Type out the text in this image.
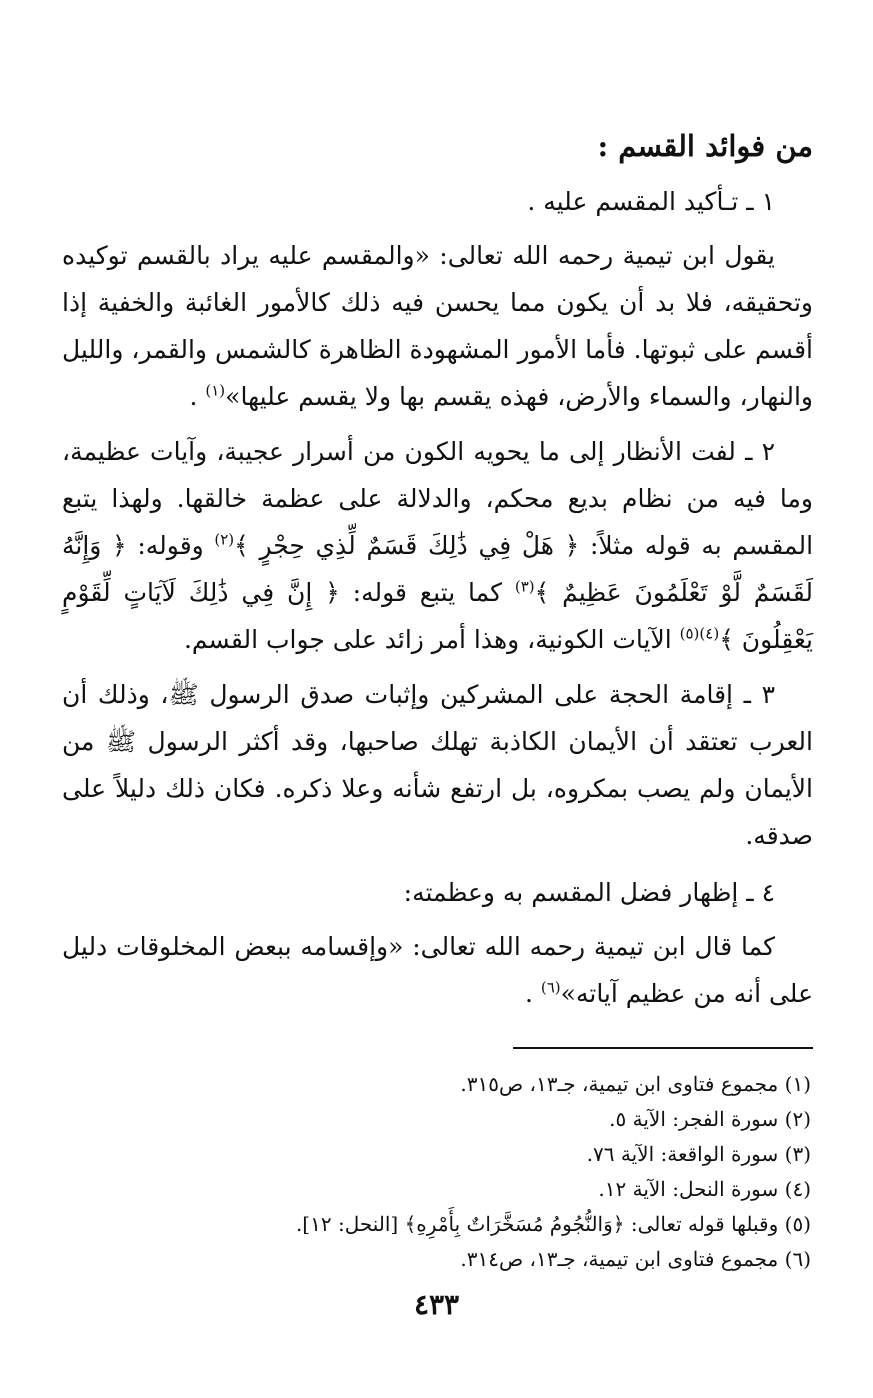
من فوائد القسم :
١ ـ تـأكيد المقسم عليه .

يقول ابن تيمية رحمه الله تعالى: «والمقسم عليه يراد بالقسم توكيده وتحقيقه، فلا بد أن يكون مما يحسن فيه ذلك كالأمور الغائبة والخفية إذا أقسم على ثبوتها. فأما الأمور المشهودة الظاهرة كالشمس والقمر، والليل والنهار، والسماء والأرض، فهذه يقسم بها ولا يقسم عليها»$^{(١)}$ .

٢ ـ لفت الأنظار إلى ما يحويه الكون من أسرار عجيبة، وآيات عظيمة، وما فيه من نظام بديع محكم، والدلالة على عظمة خالقها. ولهذا يتبع المقسم به قوله مثلاً: ﴿ هَلْ فِي ذَٰلِكَ قَسَمٌ لِّذِي حِجْرٍ ﴾$^{(٢)}$ وقوله: ﴿ وَإِنَّهُ لَقَسَمٌ لَّوْ تَعْلَمُونَ عَظِيمٌ ﴾$^{(٣)}$ كما يتبع قوله: ﴿ إِنَّ فِي ذَٰلِكَ لَآيَاتٍ لِّقَوْمٍ يَعْقِلُونَ ﴾$^{(٤)(٥)}$ الآيات الكونية، وهذا أمر زائد على جواب القسم.

٣ ـ إقامة الحجة على المشركين وإثبات صدق الرسول ﷺ، وذلك أن العرب تعتقد أن الأيمان الكاذبة تهلك صاحبها، وقد أكثر الرسول ﷺ من الأيمان ولم يصب بمكروه، بل ارتفع شأنه وعلا ذكره. فكان ذلك دليلاً على صدقه.

٤ ـ إظهار فضل المقسم به وعظمته:

كما قال ابن تيمية رحمه الله تعالى: «وإقسامه ببعض المخلوقات دليل على أنه من عظيم آياته»$^{(٦)}$ .

(١) مجموع فتاوى ابن تيمية، جـ١٣، ص٣١٥.

(٢) سورة الفجر: الآية ٥.

(٣) سورة الواقعة: الآية ٧٦.

(٤) سورة النحل: الآية ١٢.

(٥) وقبلها قوله تعالى: ﴿وَالنُّجُومُ مُسَخَّرَاتٌ بِأَمْرِهِ﴾ [النحل: ١٢].

(٦) مجموع فتاوى ابن تيمية، جـ١٣، ص٣١٤.

٤٣٣
